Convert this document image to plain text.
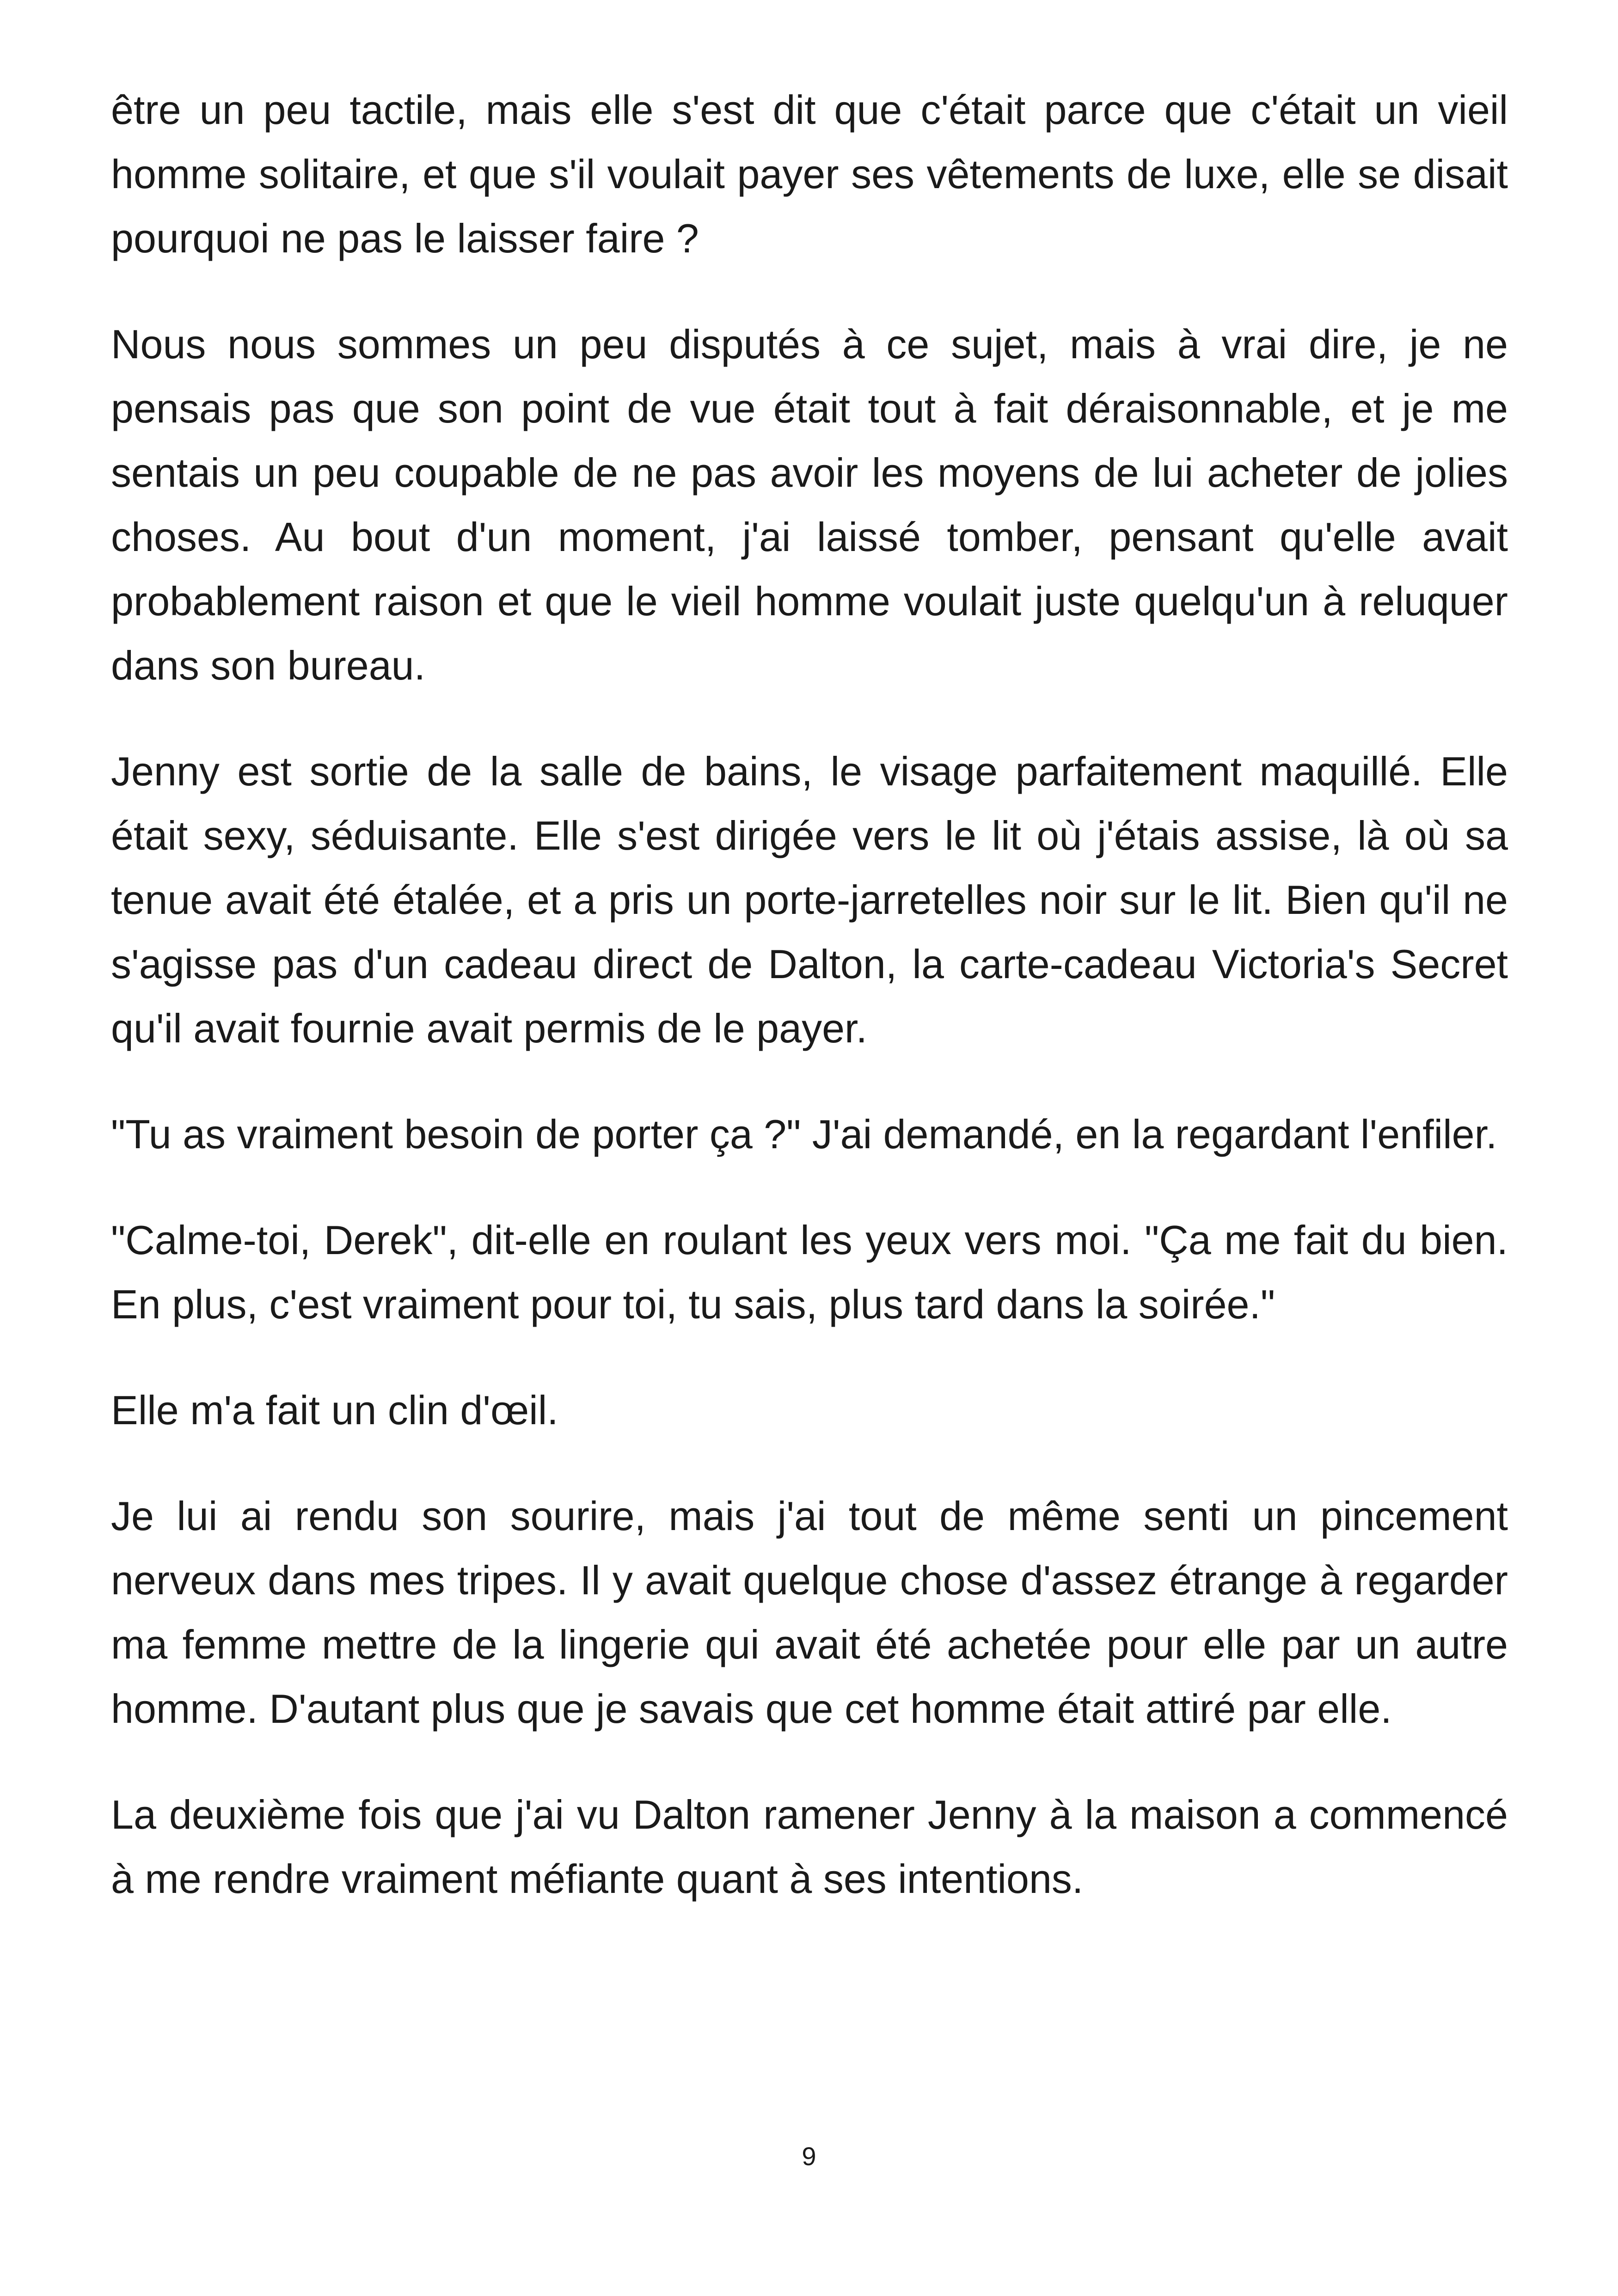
être un peu tactile, mais elle s'est dit que c'était parce que c'était un vieil homme solitaire, et que s'il voulait payer ses vêtements de luxe, elle se disait pourquoi ne pas le laisser faire ?

Nous nous sommes un peu disputés à ce sujet, mais à vrai dire, je ne pensais pas que son point de vue était tout à fait déraisonnable, et je me sentais un peu coupable de ne pas avoir les moyens de lui acheter de jolies choses. Au bout d'un moment, j'ai laissé tomber, pensant qu'elle avait probablement raison et que le vieil homme voulait juste quelqu'un à reluquer dans son bureau.

Jenny est sortie de la salle de bains, le visage parfaitement maquillé. Elle était sexy, séduisante. Elle s'est dirigée vers le lit où j'étais assise, là où sa tenue avait été étalée, et a pris un porte-jarretelles noir sur le lit. Bien qu'il ne s'agisse pas d'un cadeau direct de Dalton, la carte-cadeau Victoria's Secret qu'il avait fournie avait permis de le payer.

"Tu as vraiment besoin de porter ça ?" J'ai demandé, en la regardant l'enfiler.

"Calme-toi, Derek", dit-elle en roulant les yeux vers moi. "Ça me fait du bien. En plus, c'est vraiment pour toi, tu sais, plus tard dans la soirée."

Elle m'a fait un clin d'œil.

Je lui ai rendu son sourire, mais j'ai tout de même senti un pincement nerveux dans mes tripes. Il y avait quelque chose d'assez étrange à regarder ma femme mettre de la lingerie qui avait été achetée pour elle par un autre homme. D'autant plus que je savais que cet homme était attiré par elle.

La deuxième fois que j'ai vu Dalton ramener Jenny à la maison a commencé à me rendre vraiment méfiante quant à ses intentions.

9
